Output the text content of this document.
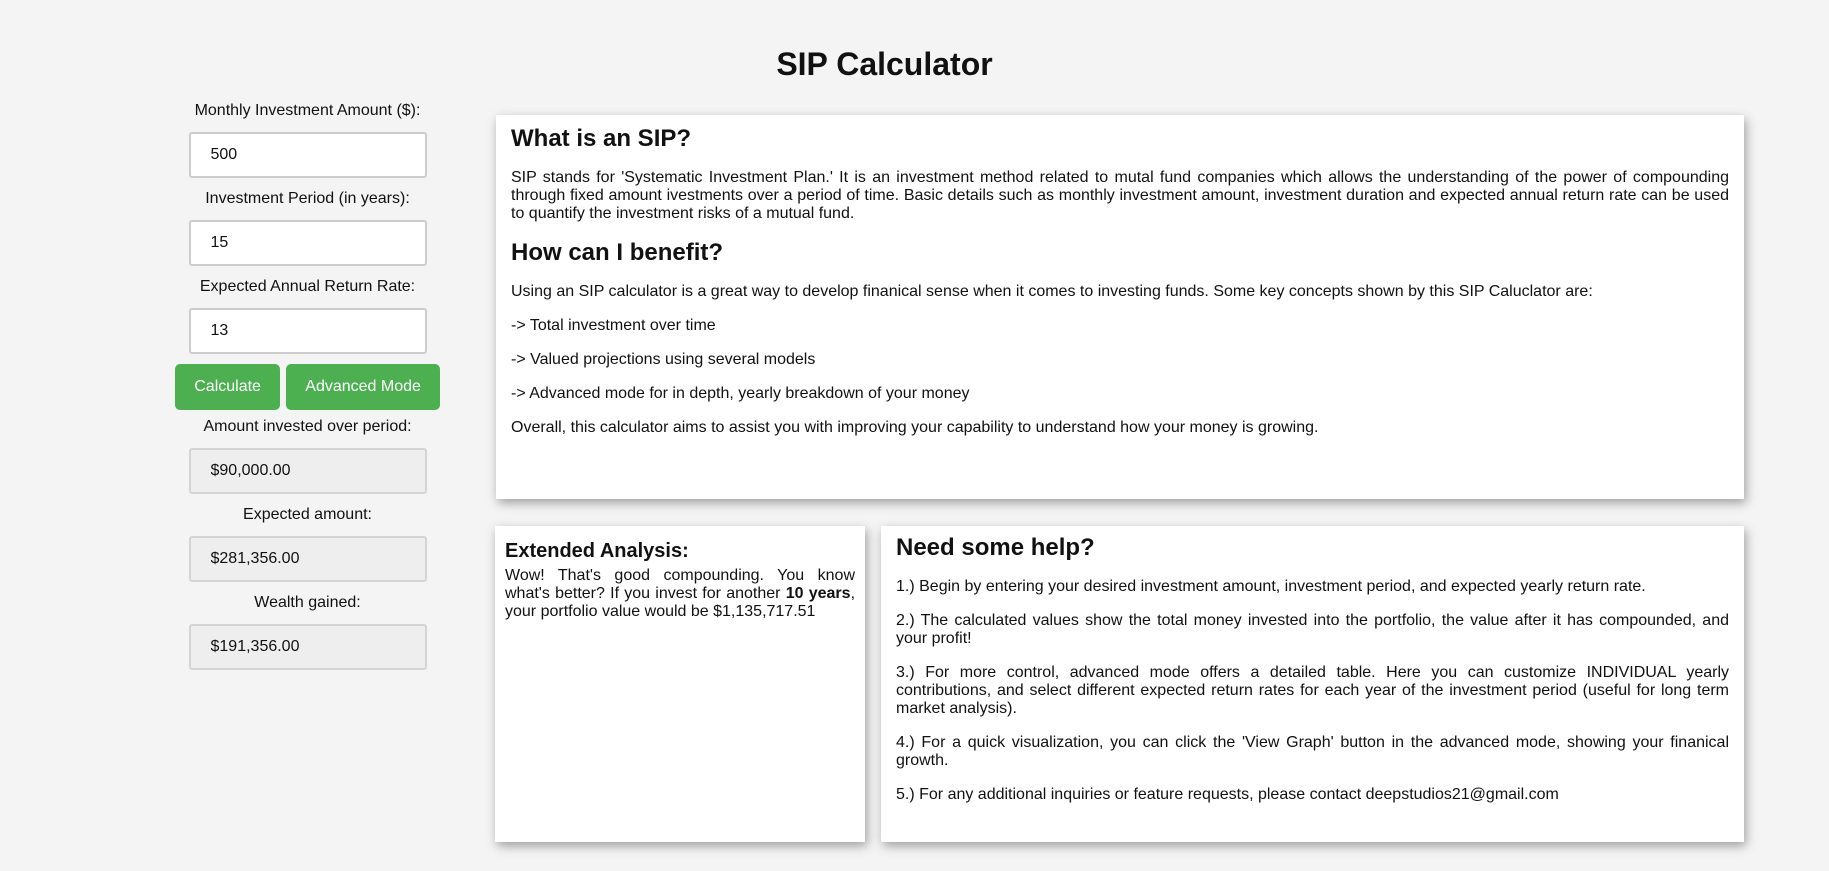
SIP Calculator
Monthly Investment Amount ($):
500
Investment Period (in years):
15
Expected Annual Return Rate:
13
Calculate	Advanced Mode
Amount invested over period:
$90,000.00
Expected amount:
$281,356.00
Wealth gained:
$191,356.00
What is an SIP?

SIP stands for 'Systematic Investment Plan.' It is an investment method related to mutal fund companies which allows the understanding of the power of compounding through fixed amount ivestments over a period of time. Basic details such as monthly investment amount, investment duration and expected annual return rate can be used to quantify the investment risks of a mutual fund.

How can I benefit?

Using an SIP calculator is a great way to develop finanical sense when it comes to investing funds. Some key concepts shown by this SIP Caluclator are:

-> Total investment over time

-> Valued projections using several models

-> Advanced mode for in depth, yearly breakdown of your money

Overall, this calculator aims to assist you with improving your capability to understand how your money is growing.

Extended Analysis:

Wow! That's good compounding. You know what's better? If you invest for another 10 years, your portfolio value would be $1,135,717.51

Need some help?

1.) Begin by entering your desired investment amount, investment period, and expected yearly return rate.

2.) The calculated values show the total money invested into the portfolio, the value after it has compounded, and your profit!

3.) For more control, advanced mode offers a detailed table. Here you can customize INDIVIDUAL yearly contributions, and select different expected return rates for each year of the investment period (useful for long term market analysis).

4.) For a quick visualization, you can click the 'View Graph' button in the advanced mode, showing your finanical growth.

5.) For any additional inquiries or feature requests, please contact deepstudios21@gmail.com
